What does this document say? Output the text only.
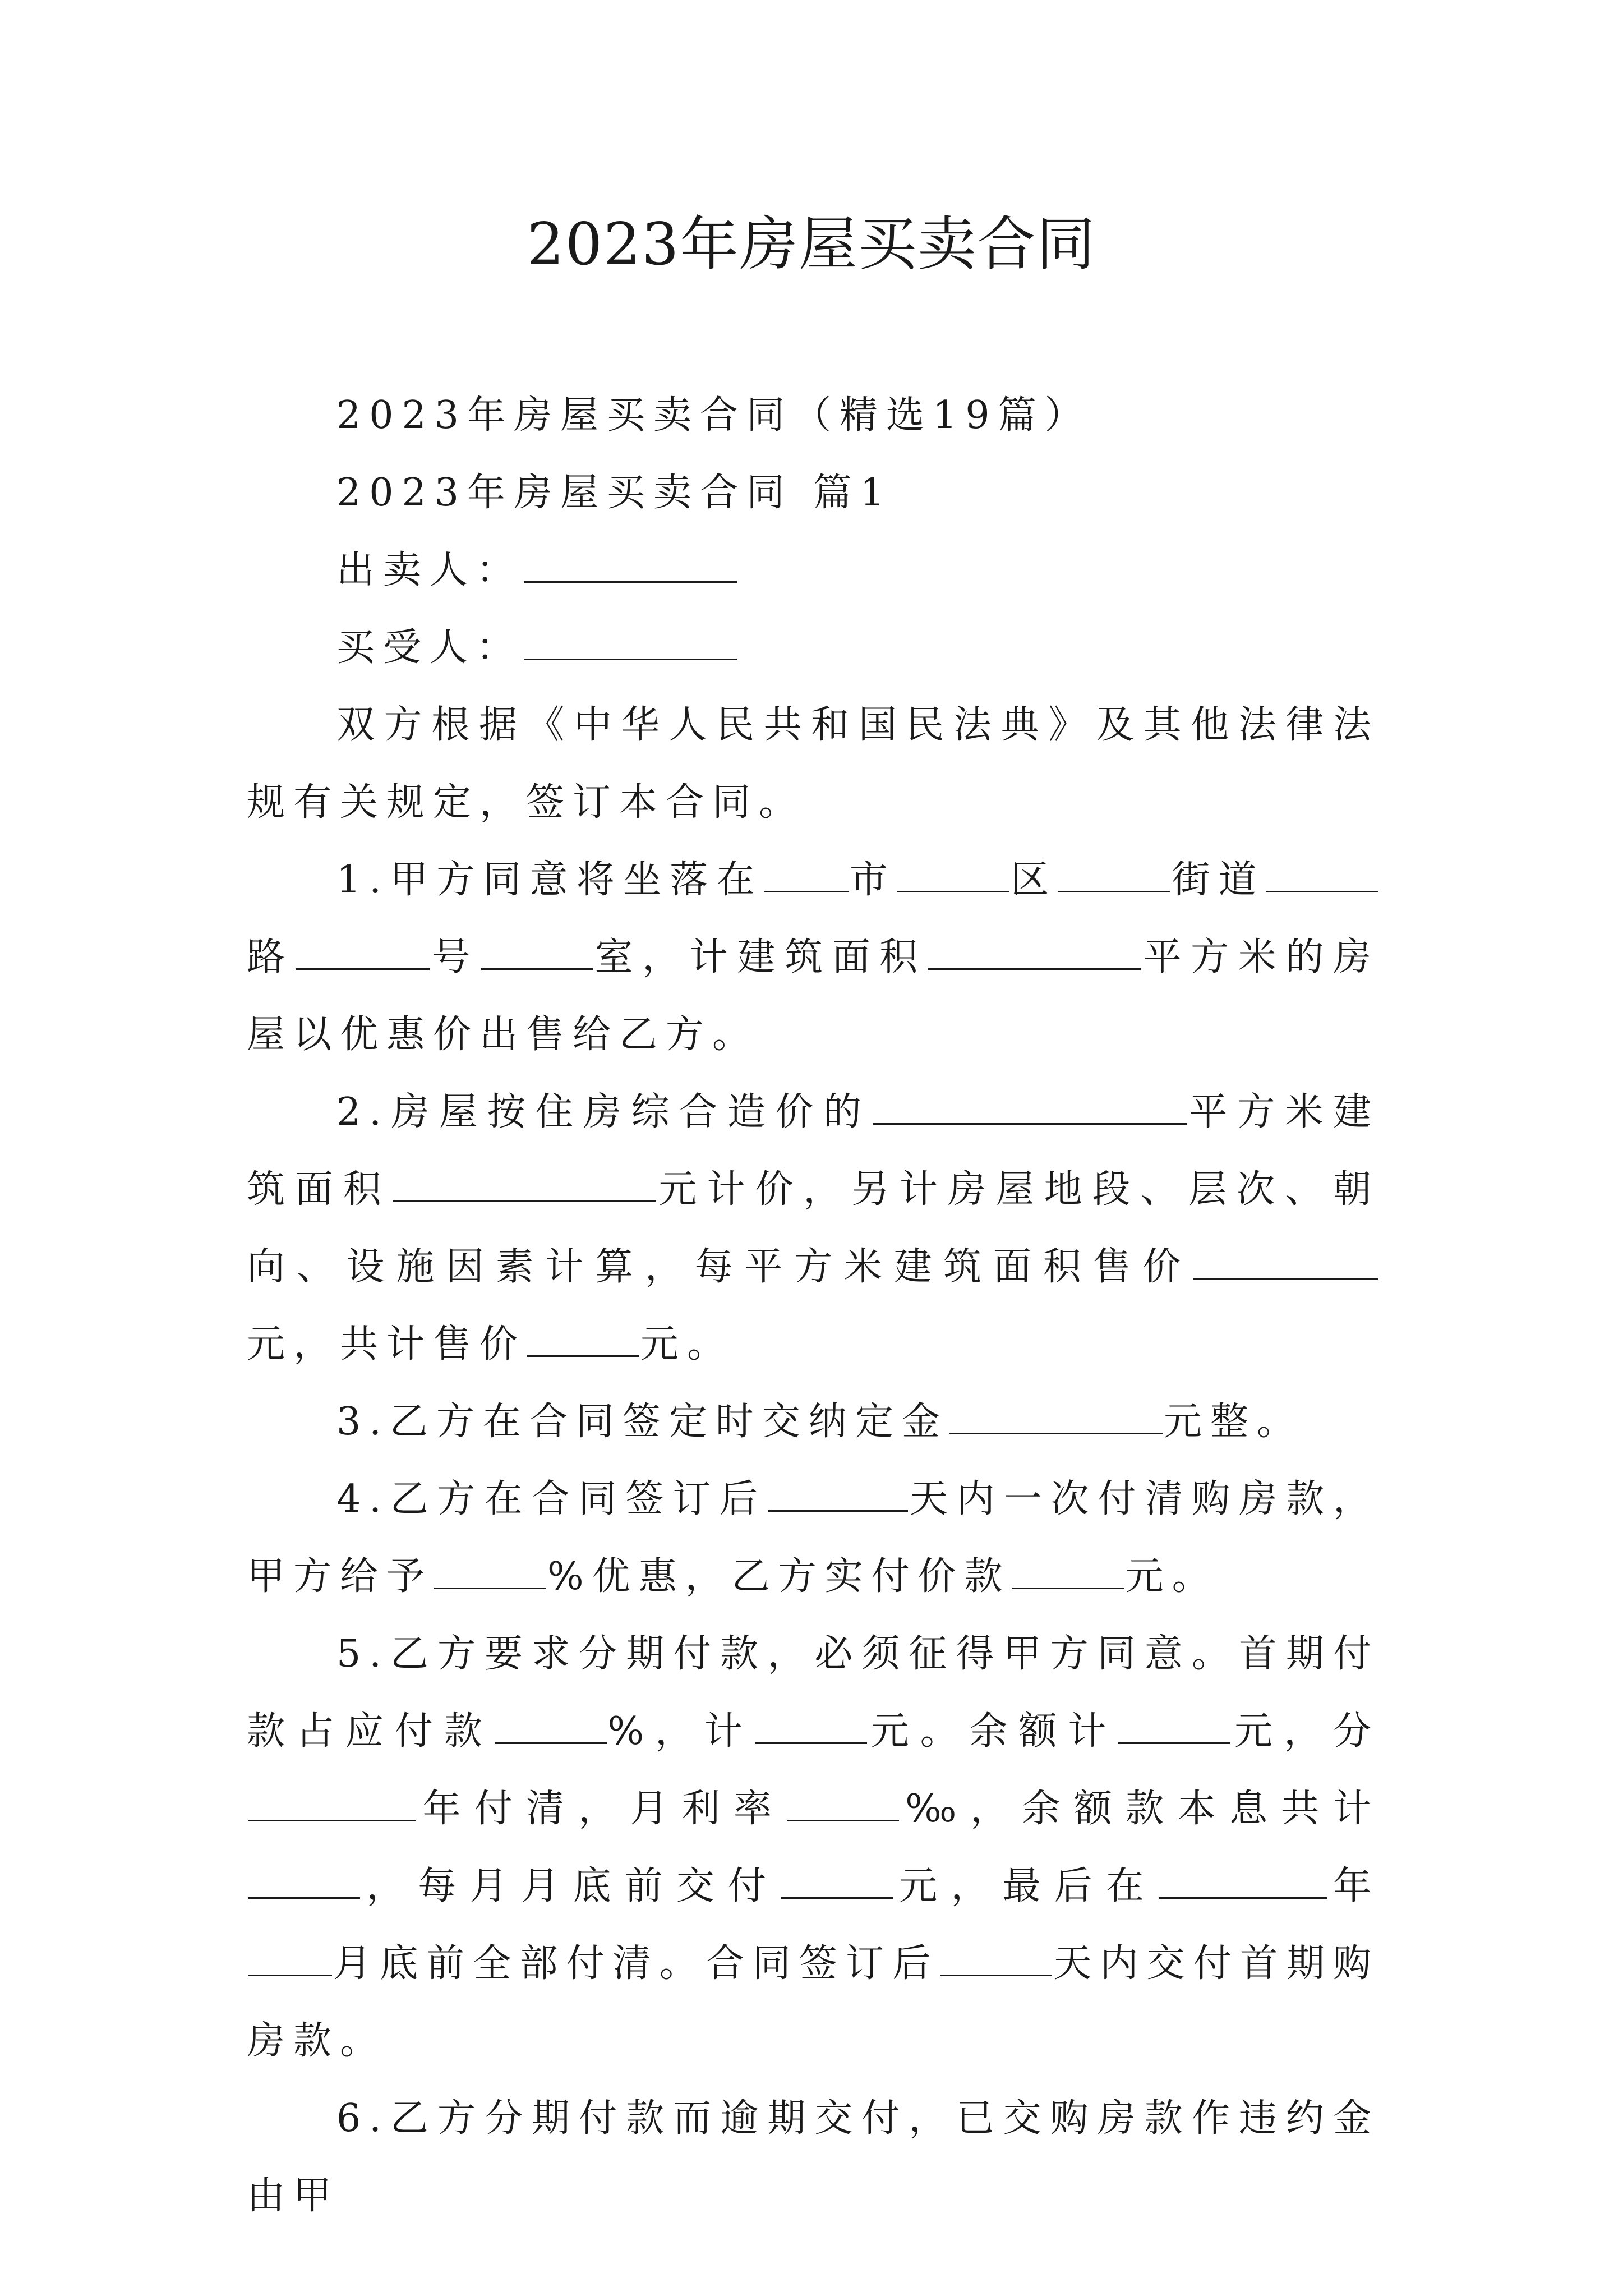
2023年房屋买卖合同

2023年房屋买卖合同（精选19篇）

2023年房屋买卖合同 篇1

出卖人：

买受人：

双方根据《中华人民共和国民法典》及其他法律法规有关规定，签订本合同。

1.甲方同意将坐落在 市	区	街道路	号	室，计建筑面积	平方米的房屋以优惠价出售给乙方。

2.房屋按住房综合造价的	平方米建筑面积	元计价，另计房屋地段、层次、朝向、设施因素计算，每平方米建筑面积售价元，共计售价	元。

3.乙方在合同签定时交纳定金	元整。

4.乙方在合同签订后	天内一次付清购房款，甲方给予	%优惠，乙方实付价款	元。

5.乙方要求分期付款，必须征得甲方同意。首期付款占应付款	%，计	元。余额计	元，分年付清，月利率	‰，余额款本息共计，每月月底前交付	元，最后在	年月底前全部付清。合同签订后	天内交付首期购房款。

6.乙方分期付款而逾期交付，已交购房款作违约金由甲
